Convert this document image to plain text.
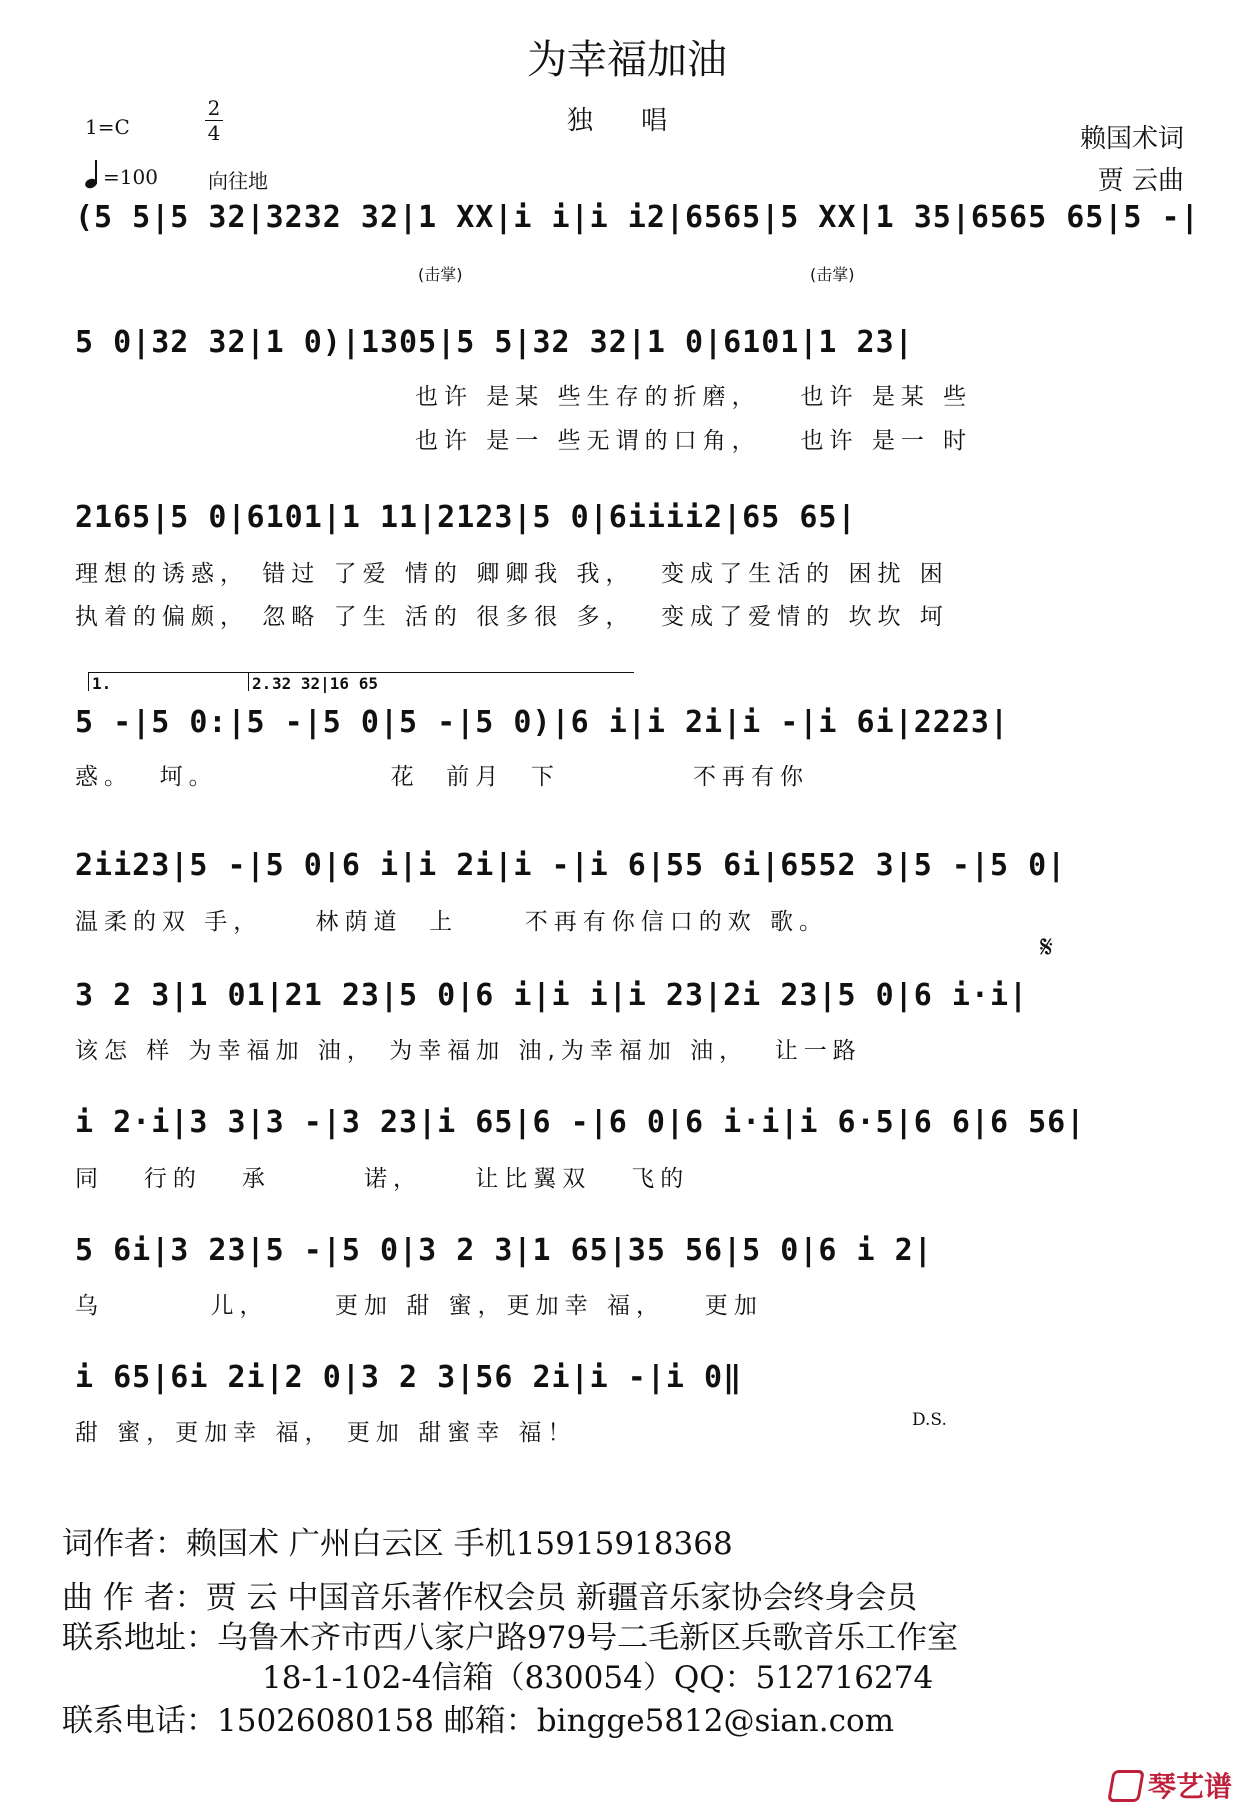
为幸福加油
独 唱
1=C
2
4
=100	向往地
赖国术词
贾 云曲
(5 5|5 32|3232 32|1 XX|i i|i i2|6565|5 XX|1 35|6565 65|5 -|
(击掌)	(击掌)
5 0|32 32|1 0)|1305|5 5|32 32|1 0|6101|1 23|
也许 是某 些生存的折磨，   也许 是某 些
也许 是一 些无谓的口角，   也许 是一 时
2165|5 0|6101|1 11|2123|5 0|6iiii2|65 65|
理想的诱惑， 错过 了爱 情的 卿卿我 我，  变成了生活的 困扰 困
执着的偏颇， 忽略 了生 活的 很多很 多，  变成了爱情的 坎坎 坷
1.	2. 32 32|16 65
5 -|5 0:|5 -|5 0|5 -|5 0)|6 i|i 2i|i -|i 6i|2223|
惑。  坷。             花  前月  下          不再有你
2ii23|5 -|5 0|6 i|i 2i|i -|i 6|55 6i|6552 3|5 -|5 0|
温柔的双 手，    林荫道  上     不再有你信口的欢 歌。
𝄋
3 2 3|1 01|21 23|5 0|6 i|i i|i 23|2i 23|5 0|6 i·i|
该怎 样 为幸福加 油， 为幸福加 油,为幸福加 油，  让一路
i 2·i|3 3|3 -|3 23|i 65|6 -|6 0|6 i·i|i 6·5|6 6|6 56|
同   行的   承       诺，    让比翼双   飞的
5 6i|3 23|5 -|5 0|3 2 3|1 65|35 56|5 0|6 i 2|
乌        儿，     更加 甜 蜜，更加幸 福，   更加
i 65|6i 2i|2 0|3 2 3|56 2i|i -|i 0‖
甜 蜜，更加幸 福， 更加 甜蜜幸 福！	D.S.
词作者：赖国术 广州白云区 手机15915918368
曲 作 者：贾 云 中国音乐著作权会员 新疆音乐家协会终身会员
联系地址：乌鲁木齐市西八家户路979号二毛新区兵歌音乐工作室
18-1-102-4信箱（830054）QQ：512716274
联系电话：15026080158 邮箱：bingge5812@sian.com
琴艺谱
